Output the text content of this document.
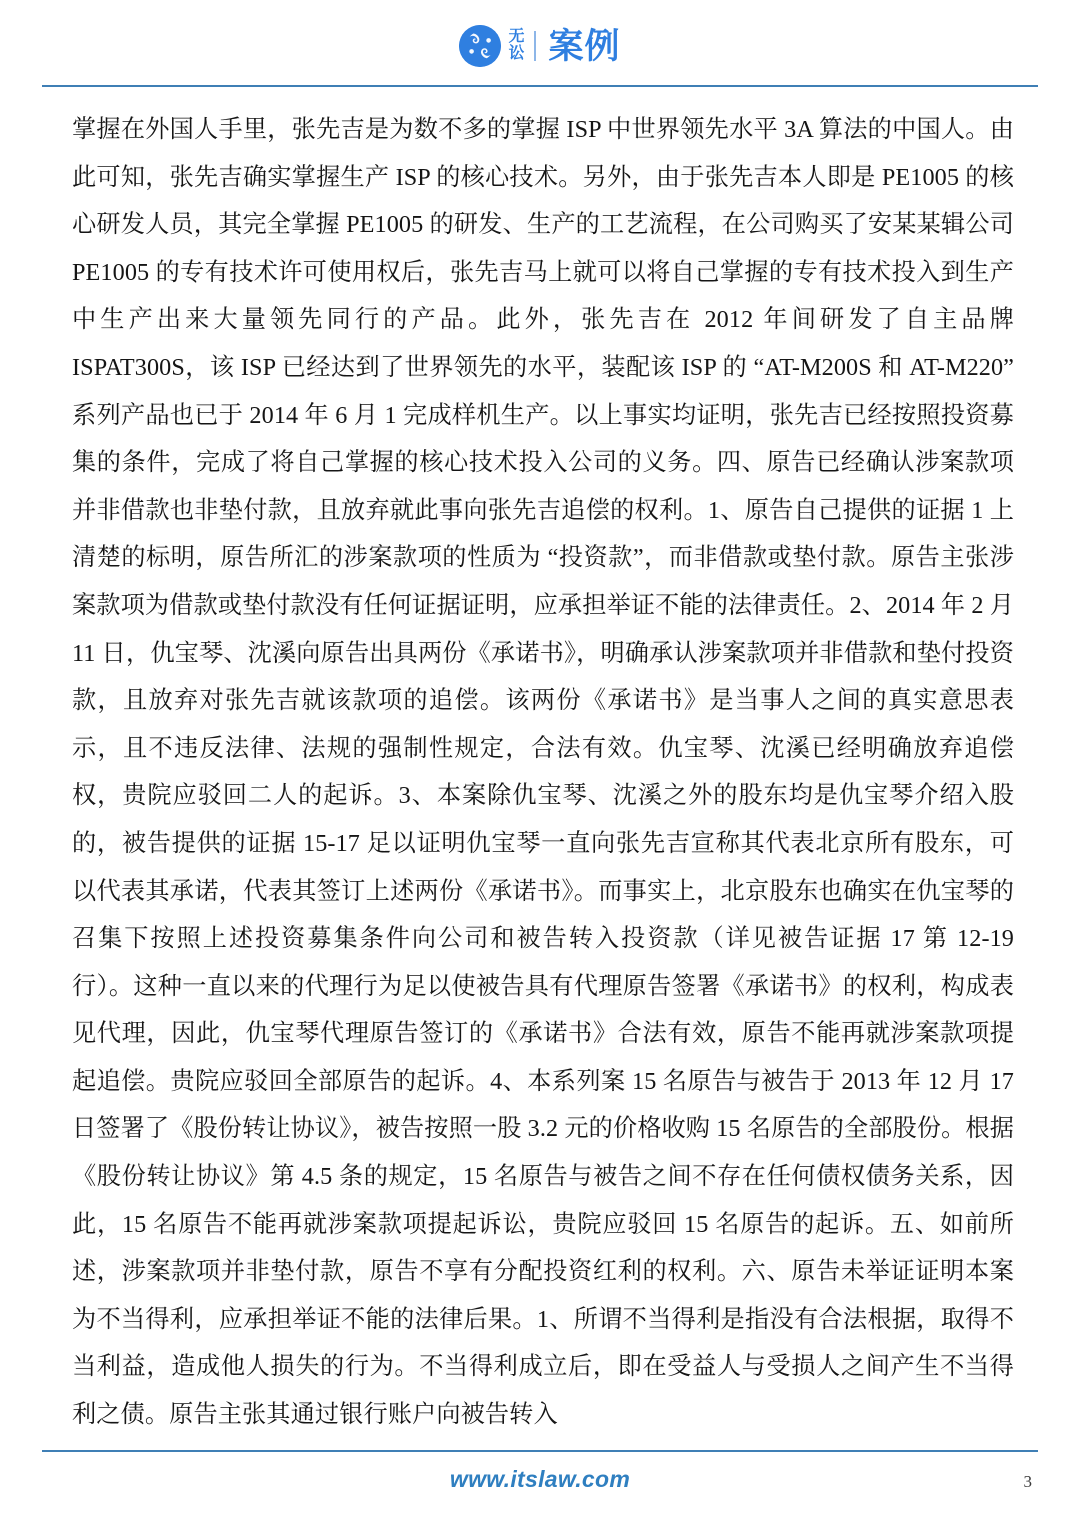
无
讼 案例

掌握在外国人手里，张先吉是为数不多的掌握 ISP 中世界领先水平 3A 算法的中国人。由此可知，张先吉确实掌握生产 ISP 的核心技术。另外，由于张先吉本人即是 PE1005 的核心研发人员，其完全掌握 PE1005 的研发、生产的工艺流程，在公司购买了安某某辑公司 PE1005 的专有技术许可使用权后，张先吉马上就可以将自己掌握的专有技术投入到生产中生产出来大量领先同行的产品。此外，张先吉在 2012 年间研发了自主品牌 ISPAT300S，该 ISP 已经达到了世界领先的水平，装配该 ISP 的 “AT-M200S 和 AT-M220” 系列产品也已于 2014 年 6 月 1 完成样机生产。以上事实均证明，张先吉已经按照投资募集的条件，完成了将自己掌握的核心技术投入公司的义务。四、原告已经确认涉案款项并非借款也非垫付款，且放弃就此事向张先吉追偿的权利。1、原告自己提供的证据 1 上清楚的标明，原告所汇的涉案款项的性质为 “投资款”，而非借款或垫付款。原告主张涉案款项为借款或垫付款没有任何证据证明，应承担举证不能的法律责任。2、2014 年 2 月 11 日，仇宝琴、沈溪向原告出具两份《承诺书》，明确承认涉案款项并非借款和垫付投资款，且放弃对张先吉就该款项的追偿。该两份《承诺书》是当事人之间的真实意思表示，且不违反法律、法规的强制性规定，合法有效。仇宝琴、沈溪已经明确放弃追偿权，贵院应驳回二人的起诉。3、本案除仇宝琴、沈溪之外的股东均是仇宝琴介绍入股的，被告提供的证据 15-17 足以证明仇宝琴一直向张先吉宣称其代表北京所有股东，可以代表其承诺，代表其签订上述两份《承诺书》。而事实上，北京股东也确实在仇宝琴的召集下按照上述投资募集条件向公司和被告转入投资款（详见被告证据 17 第 12-19 行）。这种一直以来的代理行为足以使被告具有代理原告签署《承诺书》的权利，构成表见代理，因此，仇宝琴代理原告签订的《承诺书》合法有效，原告不能再就涉案款项提起追偿。贵院应驳回全部原告的起诉。4、本系列案 15 名原告与被告于 2013 年 12 月 17 日签署了《股份转让协议》，被告按照一股 3.2 元的价格收购 15 名原告的全部股份。根据《股份转让协议》第 4.5 条的规定，15 名原告与被告之间不存在任何债权债务关系，因此，15 名原告不能再就涉案款项提起诉讼，贵院应驳回 15 名原告的起诉。五、如前所述，涉案款项并非垫付款，原告不享有分配投资红利的权利。六、原告未举证证明本案为不当得利，应承担举证不能的法律后果。1、所谓不当得利是指没有合法根据，取得不当利益，造成他人损失的行为。不当得利成立后，即在受益人与受损人之间产生不当得利之债。原告主张其通过银行账户向被告转入

www.itslaw.com	3
